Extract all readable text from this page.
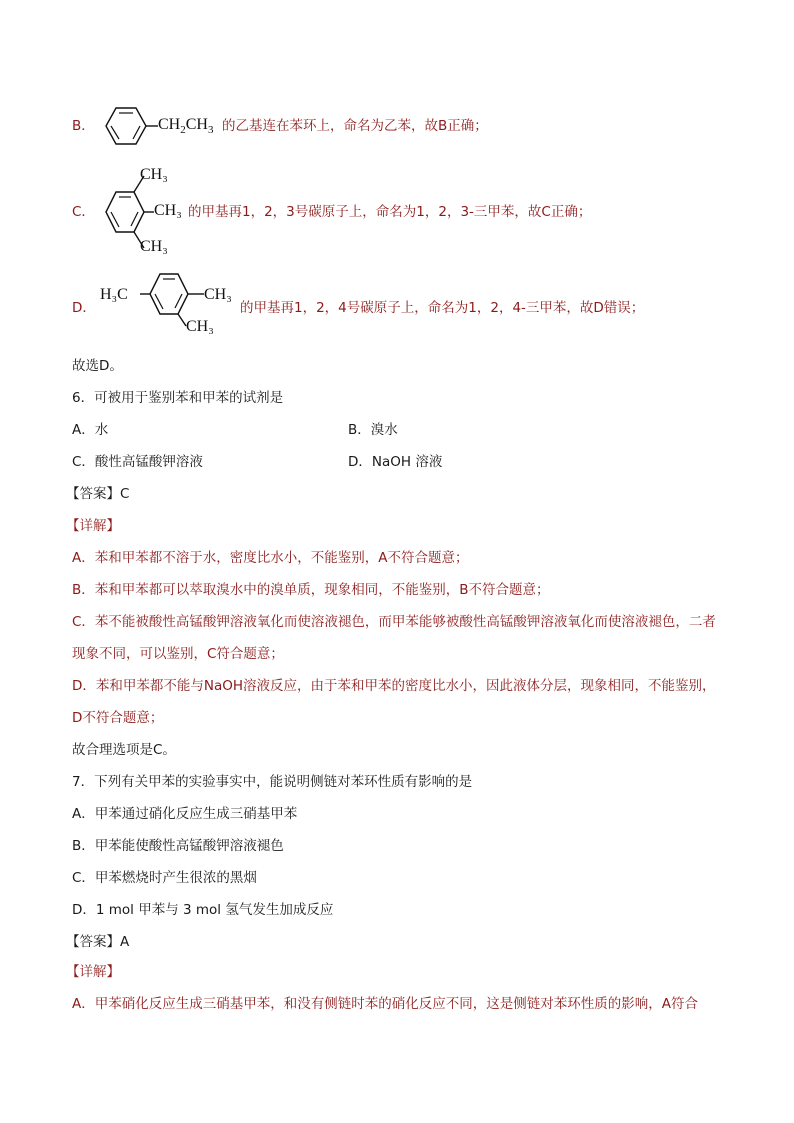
B．	$CH_2CH_3$ 的乙基连在苯环上，命名为乙苯，故B正确；
C．
CH₃
CH₃
CH₃
的甲基再1，2，3号碳原子上，命名为1，2，3-三甲苯，故C正确；
D．
H₃C	CH₃
CH₃
的甲基再1，2，4号碳原子上，命名为1，2，4-三甲苯，故D错误；
故选D。
6．可被用于鉴别苯和甲苯的试剂是
A．水	B．溴水
C．酸性高锰酸钾溶液	D．NaOH 溶液
【答案】C
【详解】
A．苯和甲苯都不溶于水，密度比水小，不能鉴别，A不符合题意；
B．苯和甲苯都可以萃取溴水中的溴单质，现象相同，不能鉴别，B不符合题意；
C．苯不能被酸性高锰酸钾溶液氧化而使溶液褪色，而甲苯能够被酸性高锰酸钾溶液氧化而使溶液褪色，二者现象不同，可以鉴别，C符合题意；
D．苯和甲苯都不能与NaOH溶液反应，由于苯和甲苯的密度比水小，因此液体分层，现象相同，不能鉴别，D不符合题意；
故合理选项是C。
7．下列有关甲苯的实验事实中，能说明侧链对苯环性质有影响的是
A．甲苯通过硝化反应生成三硝基甲苯
B．甲苯能使酸性高锰酸钾溶液褪色
C．甲苯燃烧时产生很浓的黑烟
D．1 mol 甲苯与 3 mol 氢气发生加成反应
【答案】A
【详解】
A．甲苯硝化反应生成三硝基甲苯，和没有侧链时苯的硝化反应不同，这是侧链对苯环性质的影响，A符合
